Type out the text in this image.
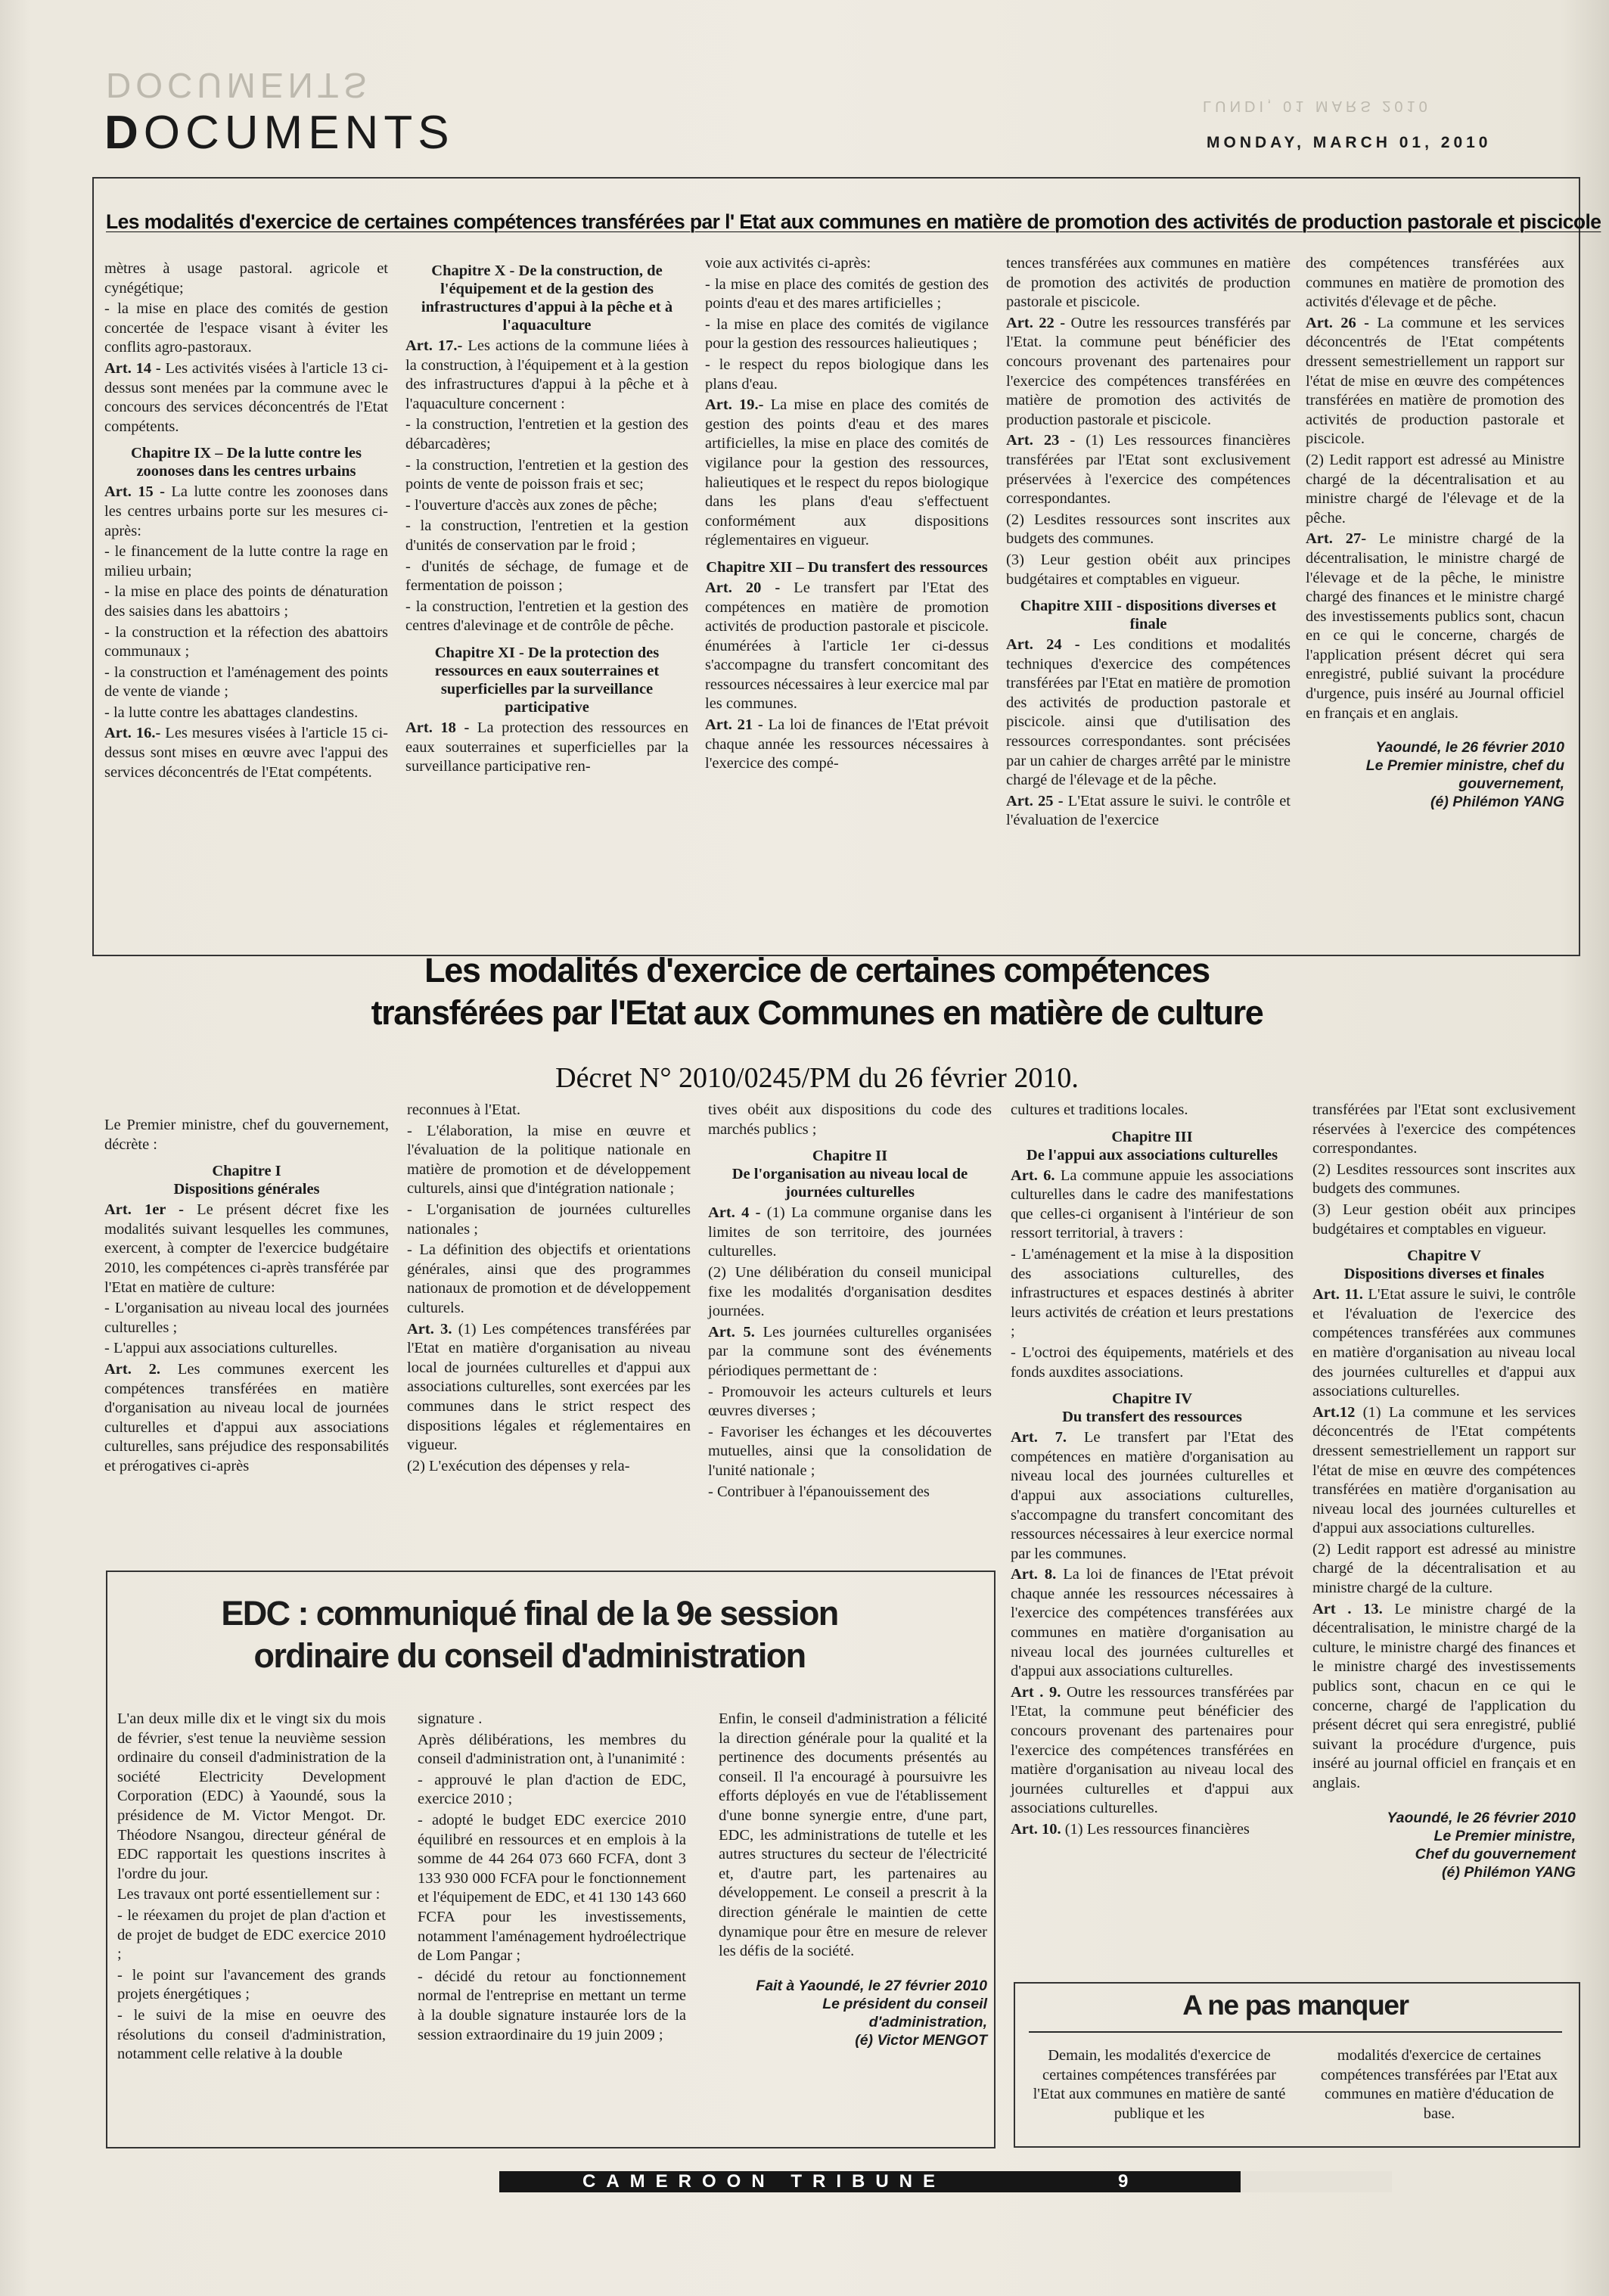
DOCUMENTS
DOCUMENTS
LUNDI, 01 MARS 2010
MONDAY, MARCH 01, 2010
Les modalités d'exercice de certaines compétences transférées par l' Etat aux communes en matière de promotion des activités de production pastorale et piscicole

mètres à usage pastoral. agricole et cynégétique;

- la mise en place des comités de gestion concertée de l'espace visant à éviter les conflits agro-pastoraux.

Art. 14 - Les activités visées à l'article 13 ci-dessus sont menées par la commune avec le concours des services déconcentrés de l'Etat compétents.

Chapitre IX – De la lutte contre les zoonoses dans les centres urbains

Art. 15 - La lutte contre les zoonoses dans les centres urbains porte sur les mesures ci-après:

- le financement de la lutte contre la rage en milieu urbain;

- la mise en place des points de dénaturation des saisies dans les abattoirs ;

- la construction et la réfection des abattoirs communaux ;

- la construction et l'aménagement des points de vente de viande ;

- la lutte contre les abattages clandestins.

Art. 16.- Les mesures visées à l'article 15 ci-dessus sont mises en œuvre avec l'appui des services déconcentrés de l'Etat compétents.

Chapitre X - De la construction, de l'équipement et de la gestion des infrastructures d'appui à la pêche et à l'aquaculture

Art. 17.- Les actions de la commune liées à la construction, à l'équipement et à la gestion des infrastructures d'appui à la pêche et à l'aquaculture concernent :

- la construction, l'entretien et la gestion des débarcadères;

- la construction, l'entretien et la gestion des points de vente de poisson frais et sec;

- l'ouverture d'accès aux zones de pêche;

- la construction, l'entretien et la gestion d'unités de conservation par le froid ;

- d'unités de séchage, de fumage et de fermentation de poisson ;

- la construction, l'entretien et la gestion des centres d'alevinage et de contrôle de pêche.

Chapitre XI - De la protection des ressources en eaux souterraines et superficielles par la surveillance participative

Art. 18 - La protection des ressources en eaux souterraines et superficielles par la surveillance participative ren-

voie aux activités ci-après:

- la mise en place des comités de gestion des points d'eau et des mares artificielles ;

- la mise en place des comités de vigilance pour la gestion des ressources halieutiques ;

- le respect du repos biologique dans les plans d'eau.

Art. 19.- La mise en place des comités de gestion des points d'eau et des mares artificielles, la mise en place des comités de vigilance pour la gestion des ressources, halieutiques et le respect du repos biologique dans les plans d'eau s'effectuent conformément aux dispositions réglementaires en vigueur.

Chapitre XII – Du transfert des ressources

Art. 20 - Le transfert par l'Etat des compétences en matière de promotion activités de production pastorale et piscicole. énumérées à l'article 1er ci-dessus s'accompagne du transfert concomitant des ressources nécessaires à leur exercice mal par les communes.

Art. 21 - La loi de finances de l'Etat prévoit chaque année les ressources nécessaires à l'exercice des compé-

tences transférées aux communes en matière de promotion des activités de production pastorale et piscicole.

Art. 22 - Outre les ressources transférés par l'Etat. la commune peut bénéficier des concours provenant des partenaires pour l'exercice des compétences transférées en matière de promotion des activités de production pastorale et piscicole.

Art. 23 - (1) Les ressources financières transférées par l'Etat sont exclusivement préservées à l'exercice des compétences correspondantes.

(2) Lesdites ressources sont inscrites aux budgets des communes.

(3) Leur gestion obéit aux principes budgétaires et comptables en vigueur.

Chapitre XIII - dispositions diverses et finale

Art. 24 - Les conditions et modalités techniques d'exercice des compétences transférées par l'Etat en matière de promotion des activités de production pastorale et piscicole. ainsi que d'utilisation des ressources correspondantes. sont précisées par un cahier de charges arrêté par le ministre chargé de l'élevage et de la pêche.

Art. 25 - L'Etat assure le suivi. le contrôle et l'évaluation de l'exercice

des compétences transférées aux communes en matière de promotion des activités d'élevage et de pêche.

Art. 26 - La commune et les services déconcentrés de l'Etat compétents dressent semestriellement un rapport sur l'état de mise en œuvre des compétences transférées en matière de promotion des activités de production pastorale et piscicole.

(2) Ledit rapport est adressé au Ministre chargé de la décentralisation et au ministre chargé de l'élevage et de la pêche.

Art. 27- Le ministre chargé de la décentralisation, le ministre chargé de l'élevage et de la pêche, le ministre chargé des finances et le ministre chargé des investissements publics sont, chacun en ce qui le concerne, chargés de l'application présent décret qui sera enregistré, publié suivant la procédure d'urgence, puis inséré au Journal officiel en français et en anglais.

Yaoundé, le 26 février 2010
Le Premier ministre, chef du gouvernement,
(é) Philémon YANG
Les modalités d'exercice de certaines compétences
transférées par l'Etat aux Communes en matière de culture
Décret N° 2010/0245/PM du 26 février 2010.

Le Premier ministre, chef du gouvernement, décrète :

Chapitre I
Dispositions générales

Art. 1er - Le présent décret fixe les modalités suivant lesquelles les communes, exercent, à compter de l'exercice budgétaire 2010, les compétences ci-après transférée par l'Etat en matière de culture:

- L'organisation au niveau local des journées culturelles ;

- L'appui aux associations culturelles.

Art. 2. Les communes exercent les compétences transférées en matière d'organisation au niveau local de journées culturelles et d'appui aux associations culturelles, sans préjudice des responsabilités et prérogatives ci-après

reconnues à l'Etat.

- L'élaboration, la mise en œuvre et l'évaluation de la politique nationale en matière de promotion et de développement culturels, ainsi que d'intégration nationale ;

- L'organisation de journées culturelles nationales ;

- La définition des objectifs et orientations générales, ainsi que des programmes nationaux de promotion et de développement culturels.

Art. 3. (1) Les compétences transférées par l'Etat en matière d'organisation au niveau local de journées culturelles et d'appui aux associations culturelles, sont exercées par les communes dans le strict respect des dispositions légales et réglementaires en vigueur.

(2) L'exécution des dépenses y rela-

tives obéit aux dispositions du code des marchés publics ;

Chapitre II
De l'organisation au niveau local de journées culturelles

Art. 4 - (1) La commune organise dans les limites de son territoire, des journées culturelles.

(2) Une délibération du conseil municipal fixe les modalités d'organisation desdites journées.

Art. 5. Les journées culturelles organisées par la commune sont des événements périodiques permettant de :

- Promouvoir les acteurs culturels et leurs œuvres diverses ;

- Favoriser les échanges et les découvertes mutuelles, ainsi que la consolidation de l'unité nationale ;

- Contribuer à l'épanouissement des

cultures et traditions locales.

Chapitre III
De l'appui aux associations culturelles

Art. 6. La commune appuie les associations culturelles dans le cadre des manifestations que celles-ci organisent à l'intérieur de son ressort territorial, à travers :

- L'aménagement et la mise à la disposition des associations culturelles, des infrastructures et espaces destinés à abriter leurs activités de création et leurs prestations ;

- L'octroi des équipements, matériels et des fonds auxdites associations.

Chapitre IV
Du transfert des ressources

Art. 7. Le transfert par l'Etat des compétences en matière d'organisation au niveau local des journées culturelles et d'appui aux associations culturelles, s'accompagne du transfert concomitant des ressources nécessaires à leur exercice normal par les communes.

Art. 8. La loi de finances de l'Etat prévoit chaque année les ressources nécessaires à l'exercice des compétences transférées aux communes en matière d'organisation au niveau local des journées culturelles et d'appui aux associations culturelles.

Art . 9. Outre les ressources transférées par l'Etat, la commune peut bénéficier des concours provenant des partenaires pour l'exercice des compétences transférées en matière d'organisation au niveau local des journées culturelles et d'appui aux associations culturelles.

Art. 10. (1) Les ressources financières

transférées par l'Etat sont exclusivement réservées à l'exercice des compétences correspondantes.

(2) Lesdites ressources sont inscrites aux budgets des communes.

(3) Leur gestion obéit aux principes budgétaires et comptables en vigueur.

Chapitre V
Dispositions diverses et finales

Art. 11. L'Etat assure le suivi, le contrôle et l'évaluation de l'exercice des compétences transférées aux communes en matière d'organisation au niveau local des journées culturelles et d'appui aux associations culturelles.

Art.12 (1) La commune et les services déconcentrés de l'Etat compétents dressent semestriellement un rapport sur l'état de mise en œuvre des compétences transférées en matière d'organisation au niveau local des journées culturelles et d'appui aux associations culturelles.

(2) Ledit rapport est adressé au ministre chargé de la décentralisation et au ministre chargé de la culture.

Art . 13. Le ministre chargé de la décentralisation, le ministre chargé de la culture, le ministre chargé des finances et le ministre chargé des investissements publics sont, chacun en ce qui le concerne, chargé de l'application du présent décret qui sera enregistré, publié suivant la procédure d'urgence, puis inséré au journal officiel en français et en anglais.

Yaoundé, le 26 février 2010
Le Premier ministre,
Chef du gouvernement
(é) Philémon YANG
EDC : communiqué final de la 9e session
ordinaire du conseil d'administration

L'an deux mille dix et le vingt six du mois de février, s'est tenue la neuvième session ordinaire du conseil d'administration de la société Electricity Development Corporation (EDC) à Yaoundé, sous la présidence de M. Victor Mengot. Dr. Théodore Nsangou, directeur général de EDC rapportait les questions inscrites à l'ordre du jour.

Les travaux ont porté essentiellement sur :

- le réexamen du projet de plan d'action et de projet de budget de EDC exercice 2010 ;

- le point sur l'avancement des grands projets énergétiques ;

- le suivi de la mise en oeuvre des résolutions du conseil d'administration, notamment celle relative à la double

signature .

Après délibérations, les membres du conseil d'administration ont, à l'unanimité :

- approuvé le plan d'action de EDC, exercice 2010 ;

- adopté le budget EDC exercice 2010 équilibré en ressources et en emplois à la somme de 44 264 073 660 FCFA, dont 3 133 930 000 FCFA pour le fonctionnement et l'équipement de EDC, et 41 130 143 660 FCFA pour les investissements, notamment l'aménagement hydroélectrique de Lom Pangar ;

- décidé du retour au fonctionnement normal de l'entreprise en mettant un terme à la double signature instaurée lors de la session extraordinaire du 19 juin 2009 ;

Enfin, le conseil d'administration a félicité la direction générale pour la qualité et la pertinence des documents présentés au conseil. Il l'a encouragé à poursuivre les efforts déployés en vue de l'établissement d'une bonne synergie entre, d'une part, EDC, les administrations de tutelle et les autres structures du secteur de l'électricité et, d'autre part, les partenaires au développement. Le conseil a prescrit à la direction générale le maintien de cette dynamique pour être en mesure de relever les défis de la société.

Fait à Yaoundé, le 27 février 2010
Le président du conseil
d'administration,
(é) Victor MENGOT
A ne pas manquer
Demain, les modalités d'exercice de certaines compétences transférées par l'Etat aux communes en matière de santé publique et les
modalités d'exercice de certaines compétences transférées par l'Etat aux communes en matière d'éducation de base.
CAMEROON TRIBUNE	9
